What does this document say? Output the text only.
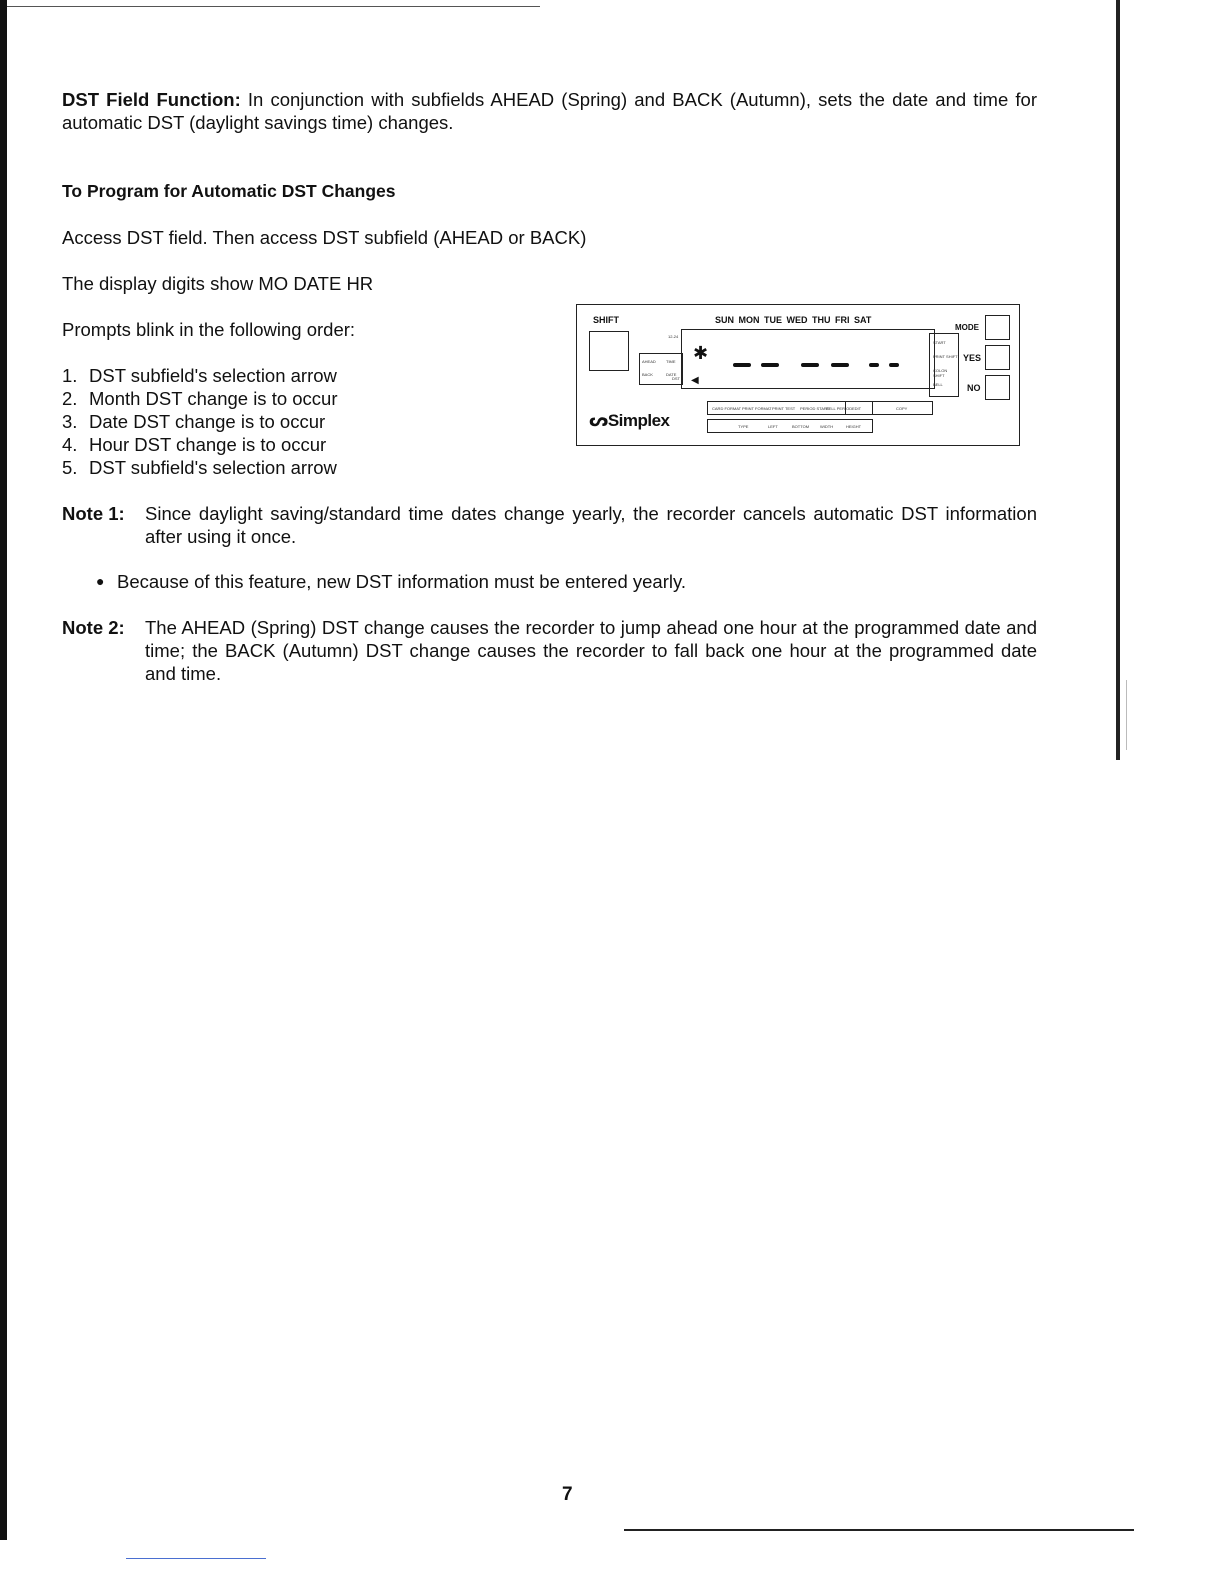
DST Field Function: In conjunction with subfields AHEAD (Spring) and BACK (Autumn), sets the date and time for automatic DST (daylight savings time) changes.

To Program for Automatic DST Changes
Access DST field. Then access DST subfield (AHEAD or BACK)
The display digits show MO DATE HR
Prompts blink in the following order:
1. DST subfield's selection arrow
2. Month DST change is to occur
3. Date DST change is to occur
4. Hour DST change is to occur
5. DST subfield's selection arrow
SHIFT	SUN MON TUE WED THU FRI SAT
MODE
YES
NO
AHEAD	TIME
BACK	DATE
12-24
DST
✱
◀
START
PRINT SHIFT
COLON SHIFT
BELL
CARD FORMAT PRINT FORMAT PRINT TEST PERIOD START
BELL PERIOD EDIT	COPY
TYPE	LEFT	BOTTOM	WIDTH	HEIGHT
ᔕSimplex
Note 1:	Since daylight saving/standard time dates change yearly, the recorder cancels automatic DST information after using it once.
● Because of this feature, new DST information must be entered yearly.
Note 2:	The AHEAD (Spring) DST change causes the recorder to jump ahead one hour at the programmed date and time; the BACK (Autumn) DST change causes the recorder to fall back one hour at the programmed date and time.
7
